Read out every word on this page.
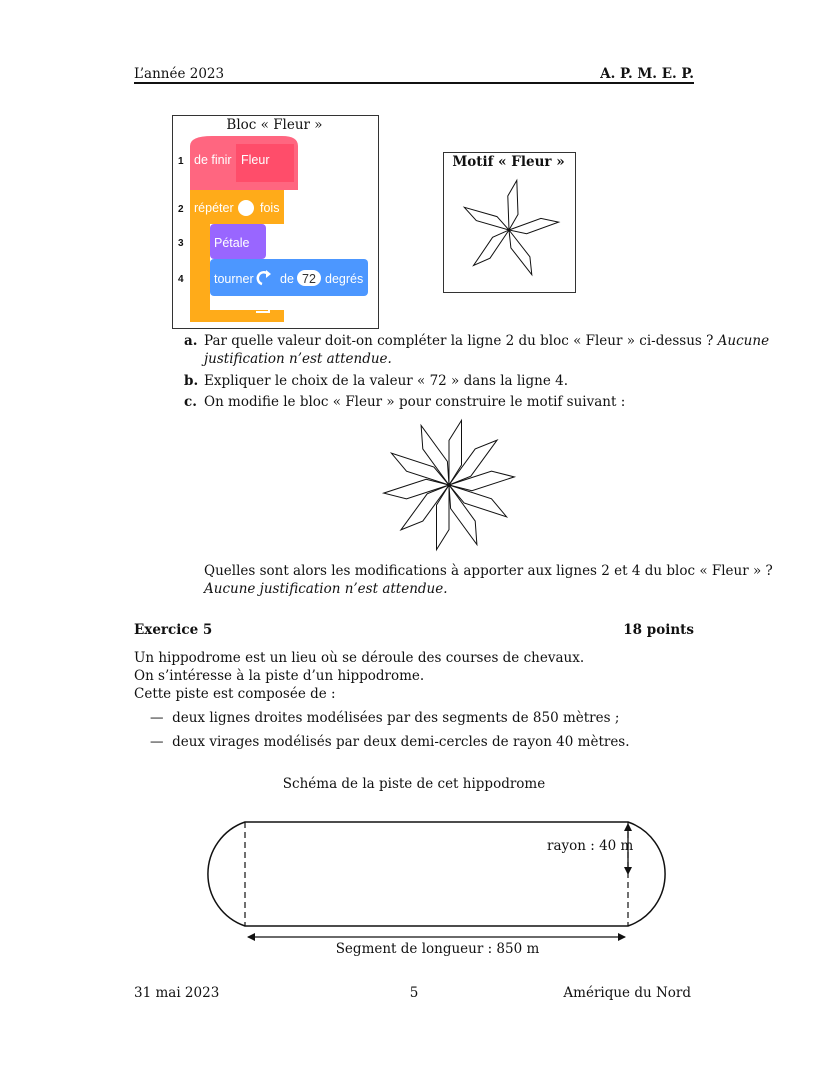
L’année 2023	A. P. M. E. P.
Bloc « Fleur »
1
2
3
4
de finir Fleur
répéter fois
Pétale
tourner de 72 degrés
Motif « Fleur »
a. Par quelle valeur doit-on compléter la ligne 2 du bloc « Fleur » ci-dessus ? Aucune
justification n’est attendue.
b. Expliquer le choix de la valeur « 72 » dans la ligne 4.
c. On modifie le bloc « Fleur » pour construire le motif suivant :
Quelles sont alors les modifications à apporter aux lignes 2 et 4 du bloc « Fleur » ?
Aucune justification n’est attendue.
Exercice 5	18 points
Un hippodrome est un lieu où se déroule des courses de chevaux.
On s’intéresse à la piste d’un hippodrome.
Cette piste est composée de :
— deux lignes droites modélisées par des segments de 850 mètres ;
— deux virages modélisés par deux demi-cercles de rayon 40 mètres.
Schéma de la piste de cet hippodrome
rayon : 40 m
Segment de longueur : 850 m
31 mai 2023	5	Amérique du Nord
